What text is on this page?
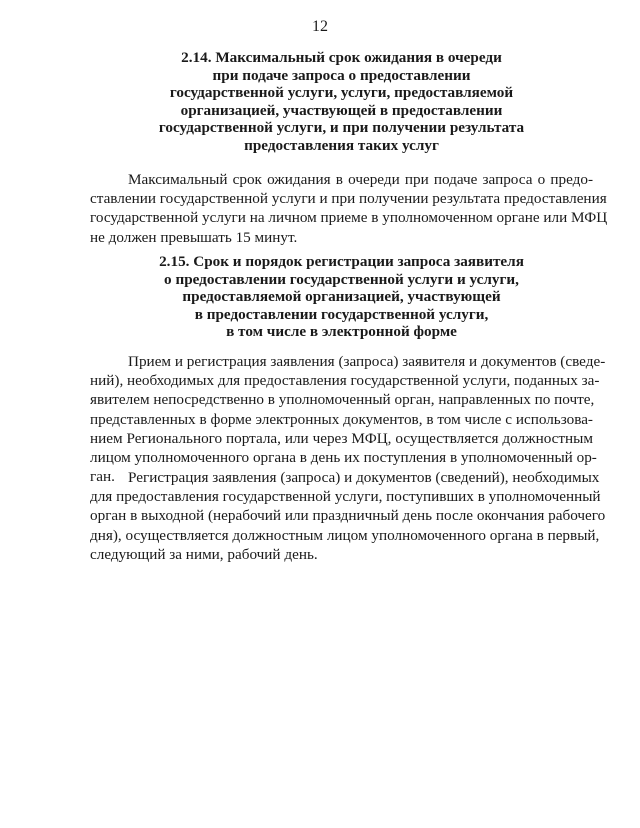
12
2.14. Максимальный срок ожидания в очереди
при подаче запроса о предоставлении
государственной услуги, услуги, предоставляемой
организацией, участвующей в предоставлении
государственной услуги, и при получении результата
предоставления таких услуг
Максимальный срок ожидания в очереди при подаче запроса о предо-
ставлении государственной услуги и при получении результата предоставления
государственной услуги на личном приеме в уполномоченном органе или МФЦ
не должен превышать 15 минут.
2.15. Срок и порядок регистрации запроса заявителя
о предоставлении государственной услуги и услуги,
предоставляемой организацией, участвующей
в предоставлении государственной услуги,
в том числе в электронной форме
Прием и регистрация заявления (запроса) заявителя и документов (сведе-
ний), необходимых для предоставления государственной услуги, поданных за-
явителем непосредственно в уполномоченный орган, направленных по почте,
представленных в форме электронных документов, в том числе с использова-
нием Регионального портала, или через МФЦ, осуществляется должностным
лицом уполномоченного органа в день их поступления в уполномоченный ор-
ган. Регистрация заявления (запроса) и документов (сведений), необходимых
для предоставления государственной услуги, поступивших в уполномоченный
орган в выходной (нерабочий или праздничный день после окончания рабочего
дня), осуществляется должностным лицом уполномоченного органа в первый,
следующий за ними, рабочий день.
